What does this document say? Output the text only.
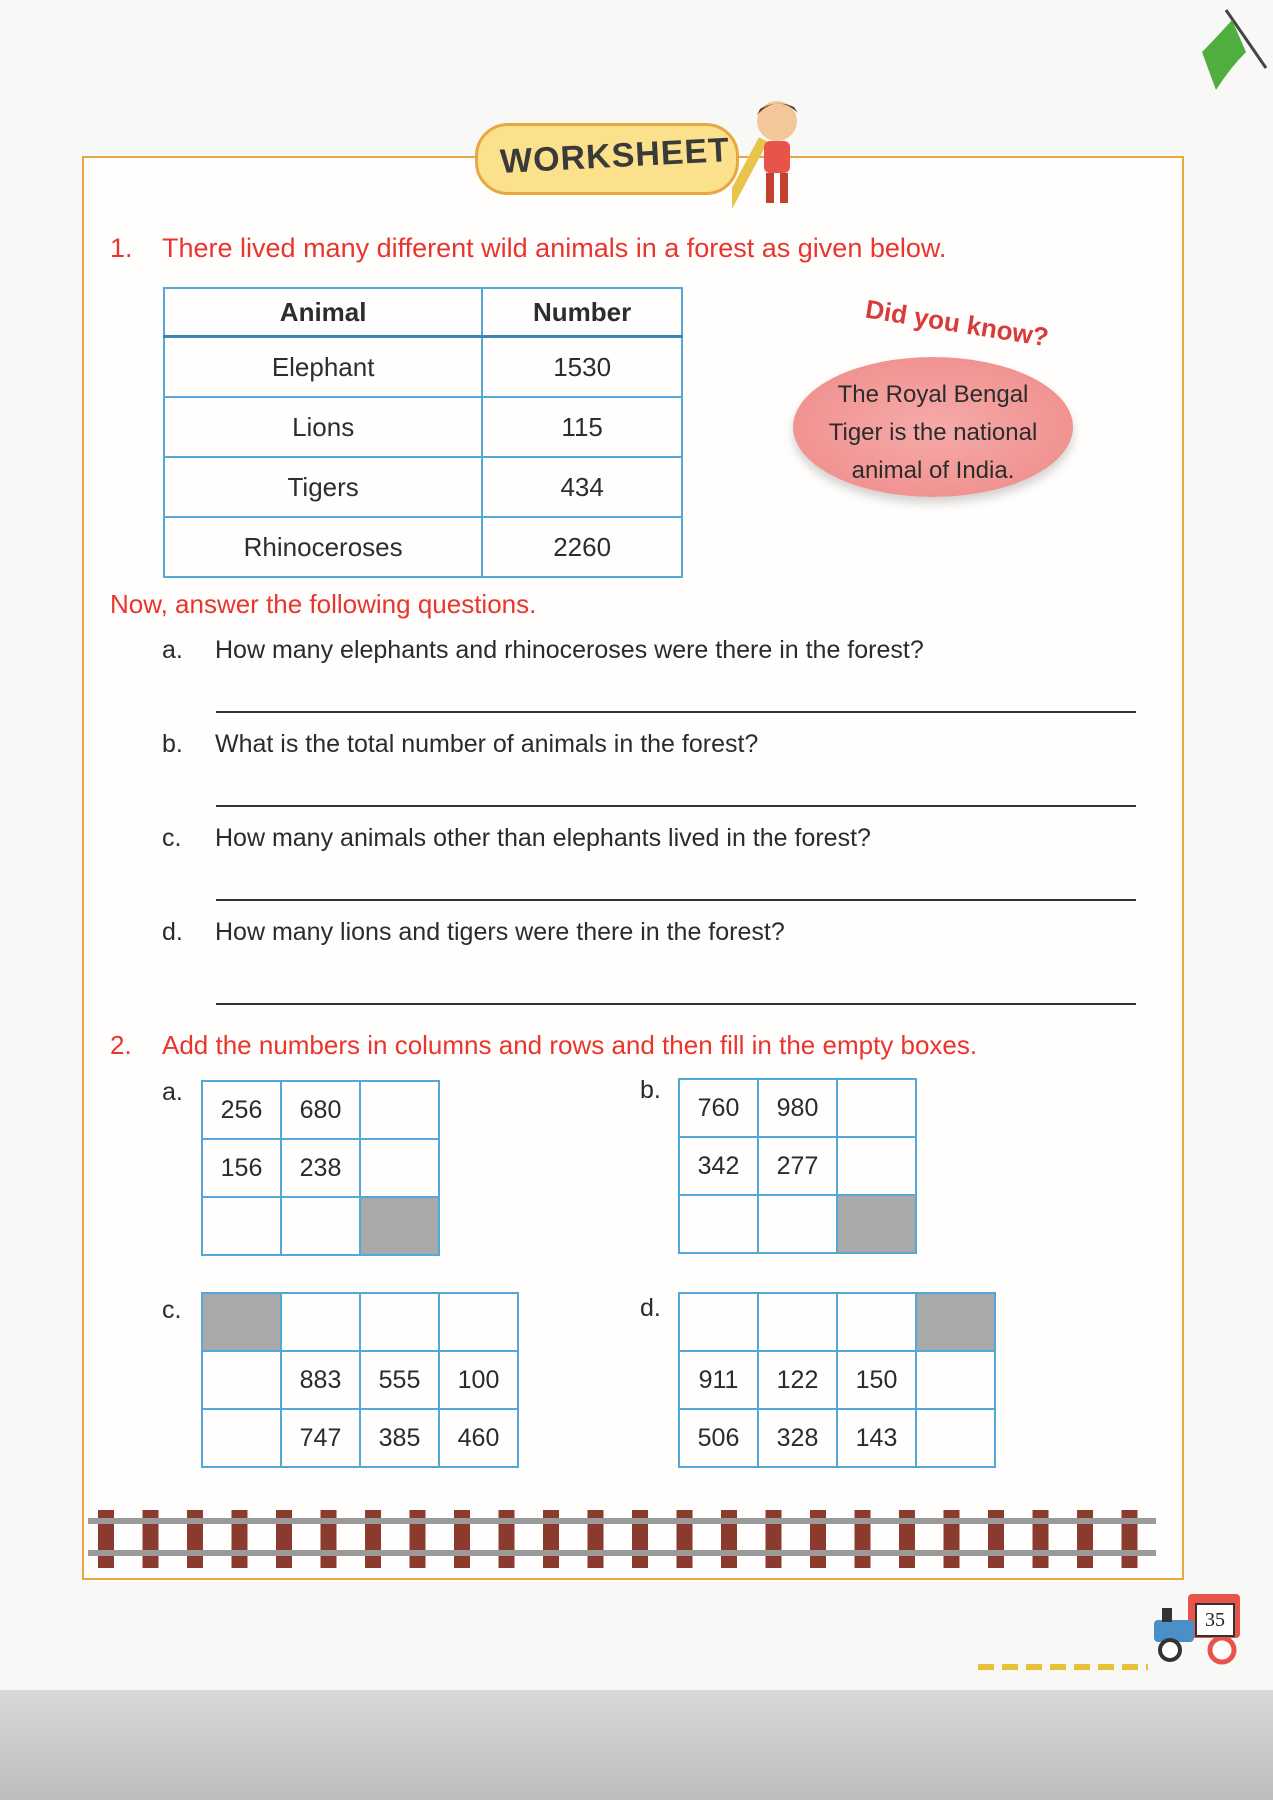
WORKSHEET
1. There lived many different wild animals in a forest as given below.
Animal	Number
Elephant	1530
Lions	115
Tigers	434
Rhinoceroses	2260
Did you know?
The Royal Bengal Tiger is the national animal of India.
Now, answer the following questions.
a. How many elephants and rhinoceroses were there in the forest?
b. What is the total number of animals in the forest?
c. How many animals other than elephants lived in the forest?
d. How many lions and tigers were there in the forest?
2. Add the numbers in columns and rows and then fill in the empty boxes.
a.
256	680	
156	238	

b.
760	980	
342	277	

c.

	883	555	100
	747	385	460
d.

911	122	150	
506	328	143	
35
